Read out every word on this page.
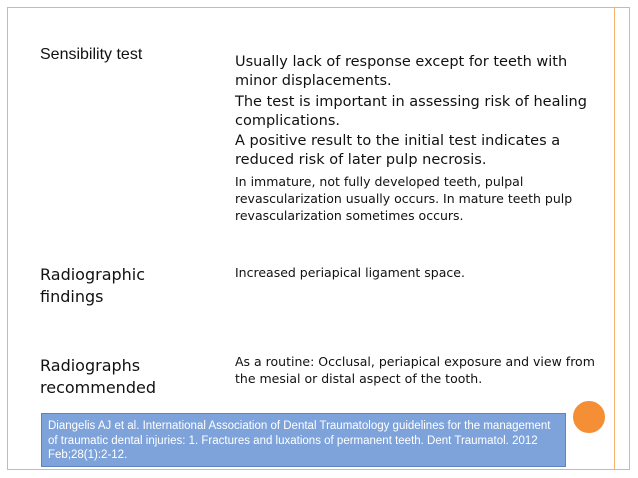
Sensibility test	Usually lack of response except for teeth with minor displacements.
The test is important in assessing risk of healing complications.
A positive result to the initial test indicates a reduced risk of later pulp necrosis.
In immature, not fully developed teeth, pulpal revascularization usually occurs. In mature teeth pulp revascularization sometimes occurs.
Radiographic findings
Increased periapical ligament space.
Radiographs recommended
As a routine: Occlusal, periapical exposure and view from the mesial or distal aspect of the tooth.
Diangelis AJ et al. International Association of Dental Traumatology guidelines for the management of traumatic dental injuries: 1. Fractures and luxations of permanent teeth. Dent Traumatol. 2012 Feb;28(1):2-12.
